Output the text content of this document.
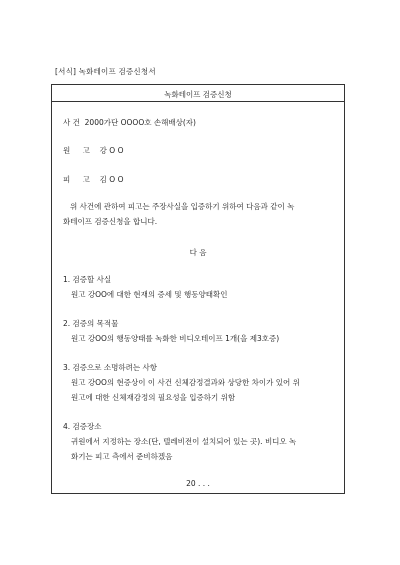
[서식] 녹화테이프 검증신청서
녹화테이프 검증신청
사 건 2000가단 OOOO호 손해배상(자)
원 고 강 O O
피 고 김 O O
위 사건에 관하여 피고는 주장사실을 입증하기 위하여 다음과 같이 녹
화테이프 검증신청을 합니다.
다 음
1. 검증할 사실
원고 강OO에 대한 현재의 증세 및 행동양태확인
2. 검증의 목적물
원고 강OO의 행동양태를 녹화한 비디오테이프 1개(을 제3호증)
3. 검증으로 소명하려는 사항
원고 강OO의 현증상이 이 사건 신체감정결과와 상당한 차이가 있어 위
원고에 대한 신체재감정의 필요성을 입증하기 위함
4. 검증장소
귀원에서 지정하는 장소(단, 텔레비전이 설치되어 있는 곳). 비디오 녹
화기는 피고 측에서 준비하겠음
20 . . .
